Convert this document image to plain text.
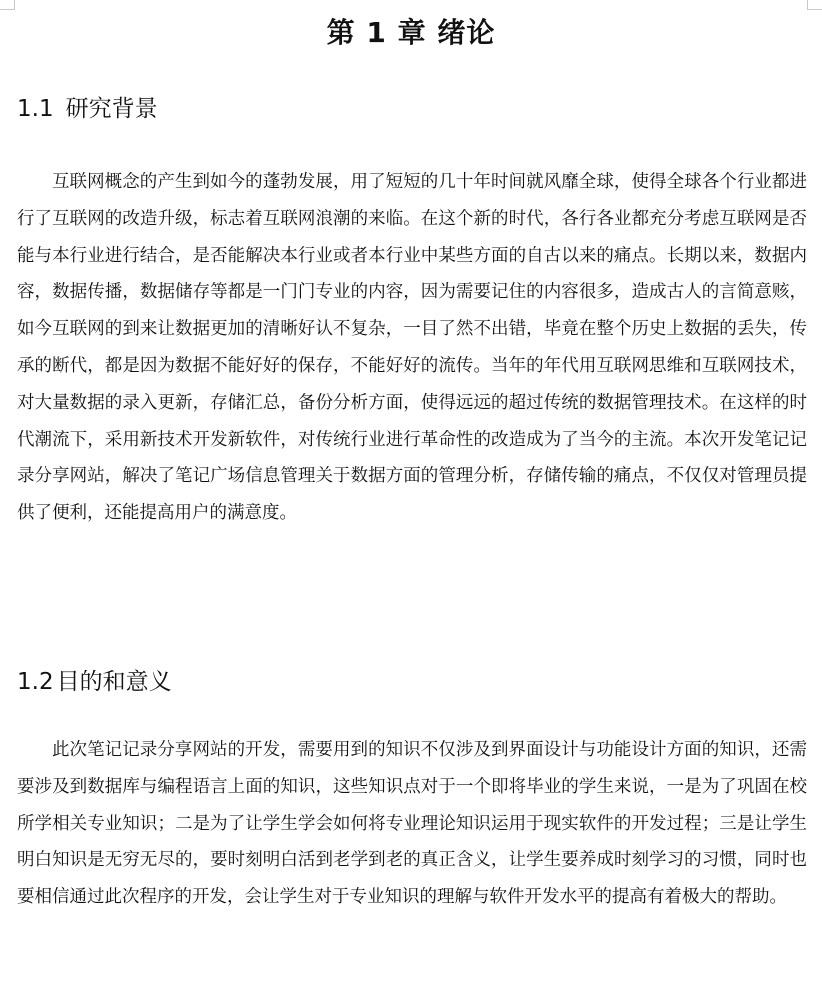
第 1 章 绪论
1.1 研究背景

互联网概念的产生到如今的蓬勃发展，用了短短的几十年时间就风靡全球，使得全球各个行业都进行了互联网的改造升级，标志着互联网浪潮的来临。在这个新的时代，各行各业都充分考虑互联网是否能与本行业进行结合，是否能解决本行业或者本行业中某些方面的自古以来的痛点。长期以来，数据内容，数据传播，数据储存等都是一门门专业的内容，因为需要记住的内容很多，造成古人的言简意赅，如今互联网的到来让数据更加的清晰好认不复杂，一目了然不出错，毕竟在整个历史上数据的丢失，传承的断代，都是因为数据不能好好的保存，不能好好的流传。当年的年代用互联网思维和互联网技术，对大量数据的录入更新，存储汇总，备份分析方面，使得远远的超过传统的数据管理技术。在这样的时代潮流下，采用新技术开发新软件，对传统行业进行革命性的改造成为了当今的主流。本次开发笔记记录分享网站，解决了笔记广场信息管理关于数据方面的管理分析，存储传输的痛点，不仅仅对管理员提供了便利，还能提高用户的满意度。

1.2 目的和意义

此次笔记记录分享网站的开发，需要用到的知识不仅涉及到界面设计与功能设计方面的知识，还需要涉及到数据库与编程语言上面的知识，这些知识点对于一个即将毕业的学生来说，一是为了巩固在校所学相关专业知识；二是为了让学生学会如何将专业理论知识运用于现实软件的开发过程；三是让学生明白知识是无穷无尽的，要时刻明白活到老学到老的真正含义，让学生要养成时刻学习的习惯，同时也要相信通过此次程序的开发，会让学生对于专业知识的理解与软件开发水平的提高有着极大的帮助。
